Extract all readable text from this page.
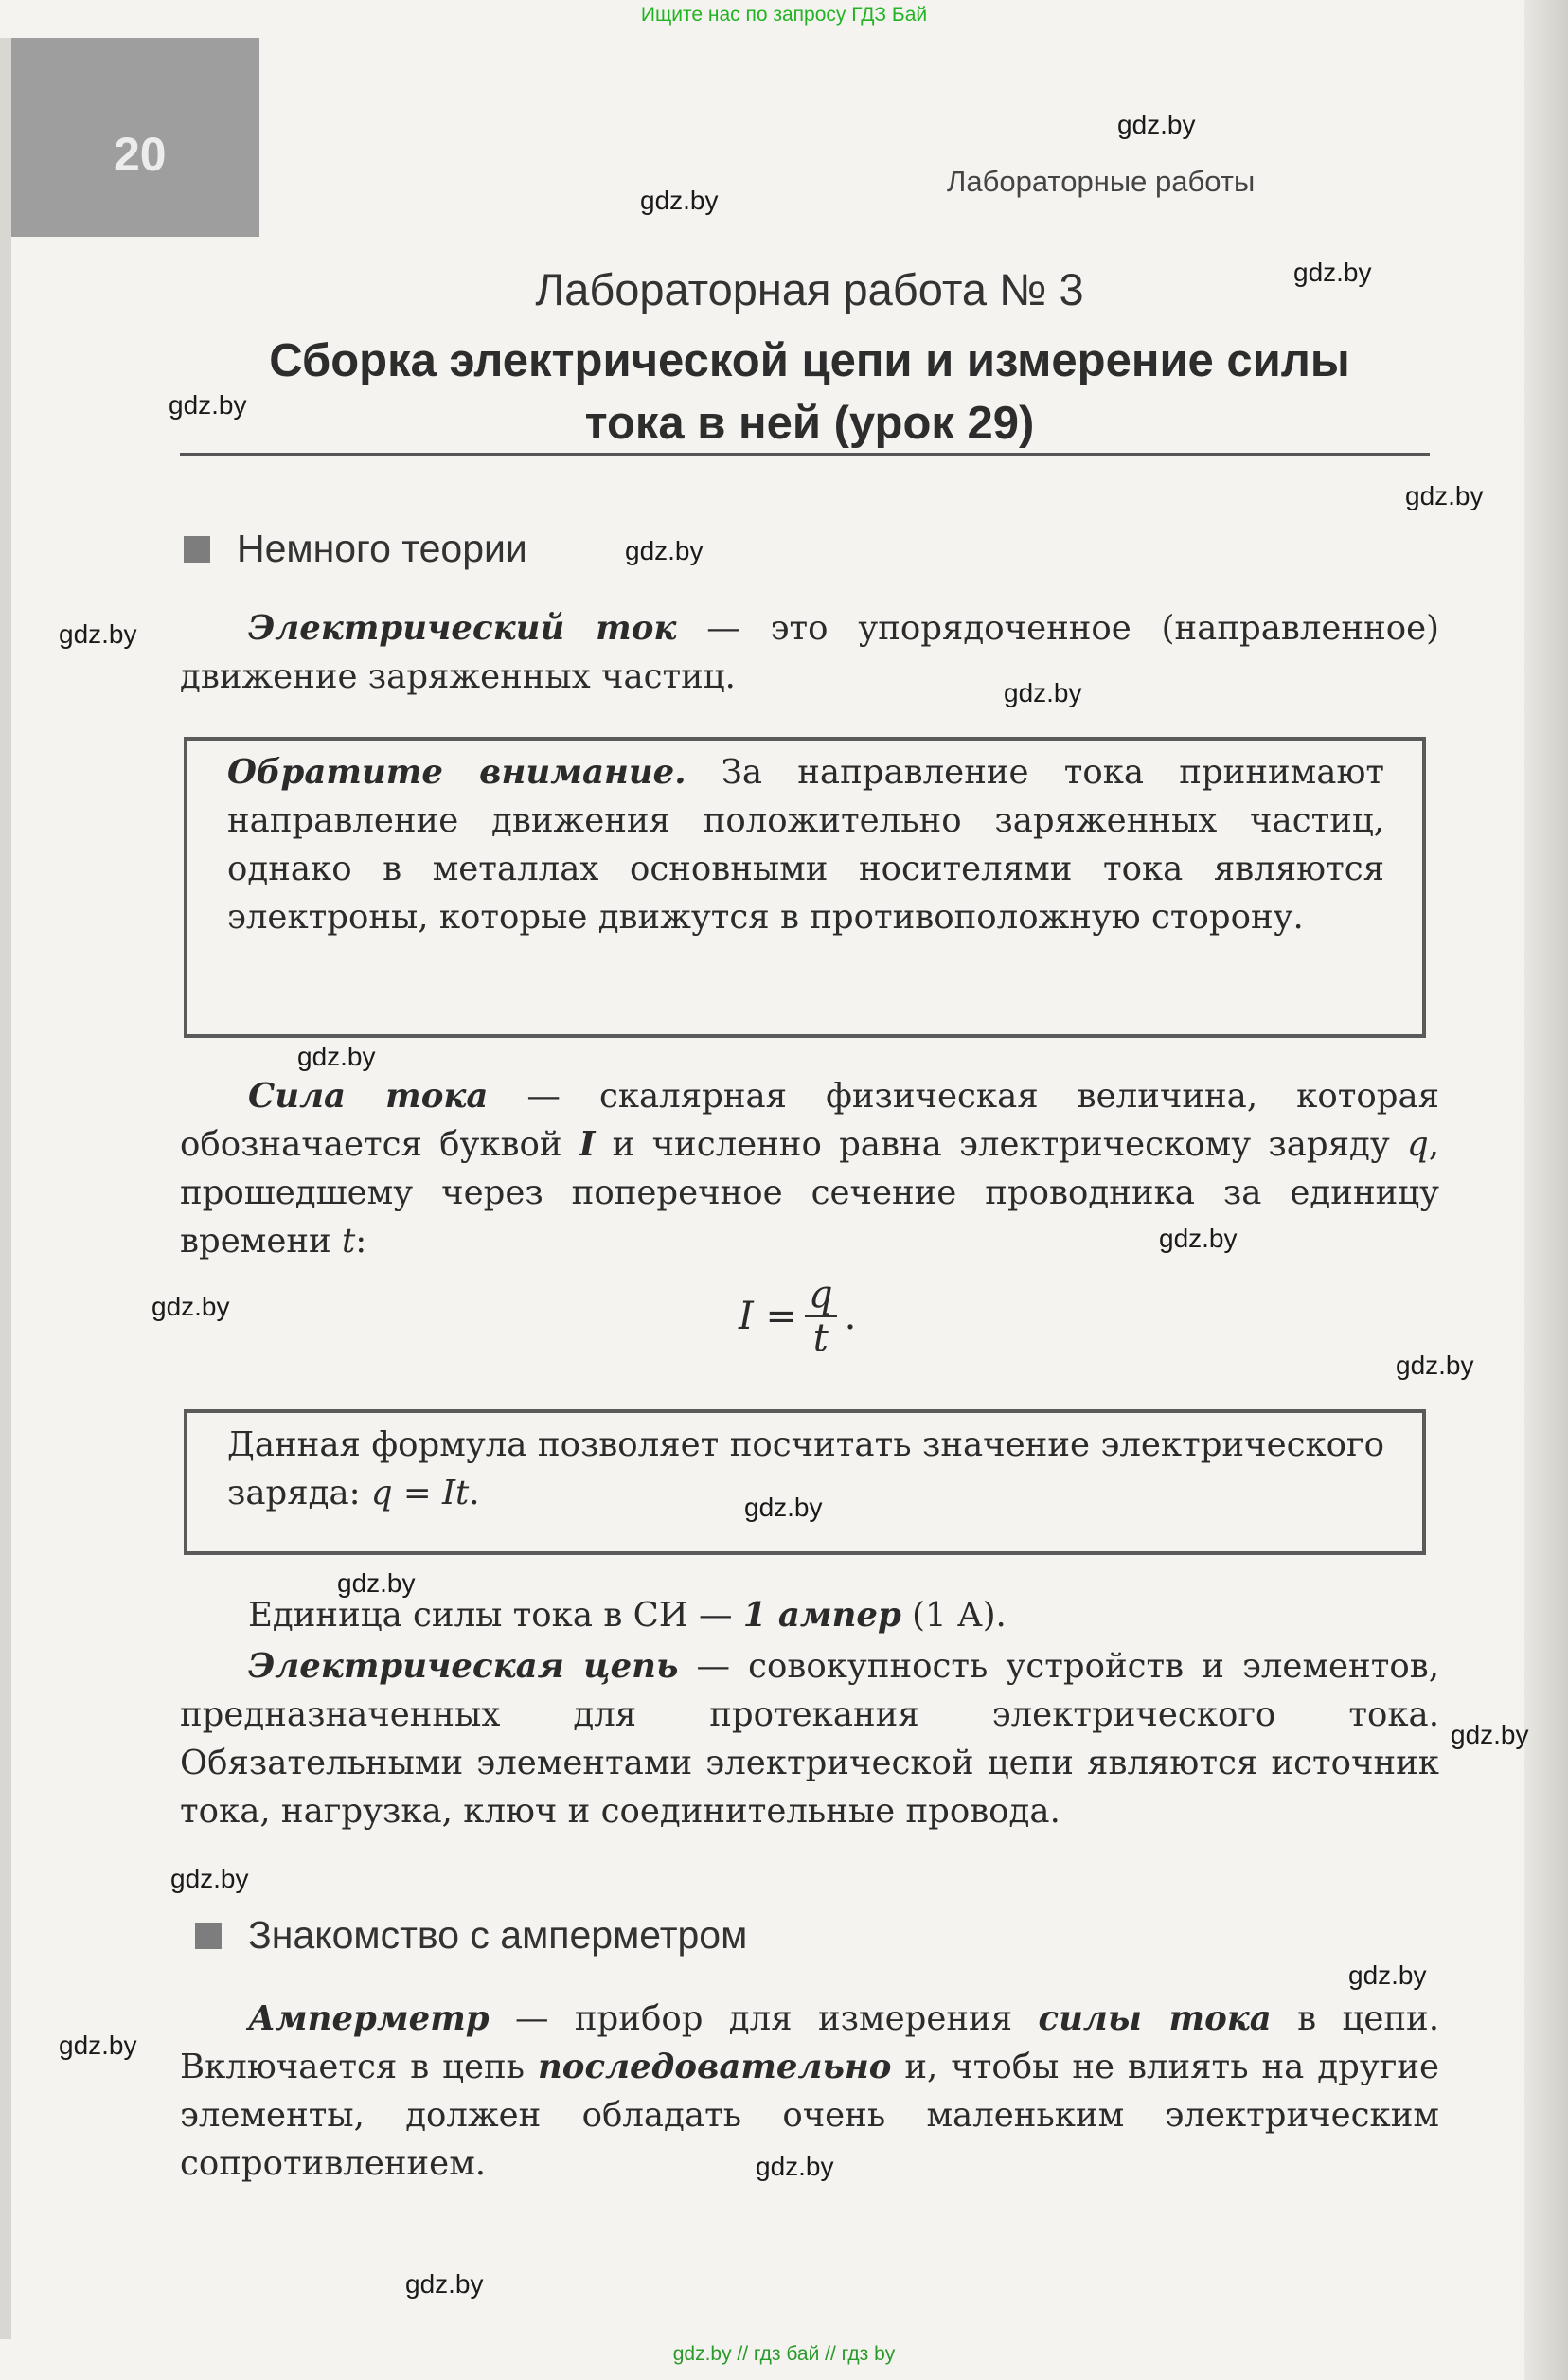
Ищите нас по запросу ГДЗ Бай
20
Лабораторные работы
Лабораторная работа № 3
Сборка электрической цепи и измерение силы
тока в ней (урок 29)
Немного теории
Электрический ток — это упорядоченное (направленное) движение заряженных частиц.
Обратите внимание. За направление тока принимают направление движения положительно заряженных частиц, однако в металлах основными носителями тока являются электроны, которые движутся в противоположную сторону.
Сила тока — скалярная физическая величина, которая обозначается буквой I и численно равна электрическому заряду q, прошедшему через поперечное сечение проводника за единицу времени t:
$I = \frac{q}{t}$ .
Данная формула позволяет посчитать значение электрического заряда: q = It.
Единица силы тока в СИ — 1 ампер (1 А).
Электрическая цепь — совокупность устройств и элементов, предназначенных для протекания электрического тока. Обязательными элементами электрической цепи являются источник тока, нагрузка, ключ и соединительные провода.
Знакомство с амперметром
Амперметр — прибор для измерения силы тока в цепи. Включается в цепь последовательно и, чтобы не влиять на другие элементы, должен обладать очень маленьким электрическим сопротивлением.
gdz.by
gdz.by
gdz.by
gdz.by
gdz.by
gdz.by
gdz.by
gdz.by
gdz.by
gdz.by
gdz.by
gdz.by
gdz.by
gdz.by
gdz.by
gdz.by
gdz.by
gdz.by
gdz.by
gdz.by
gdz.by // гдз бай // гдз by
